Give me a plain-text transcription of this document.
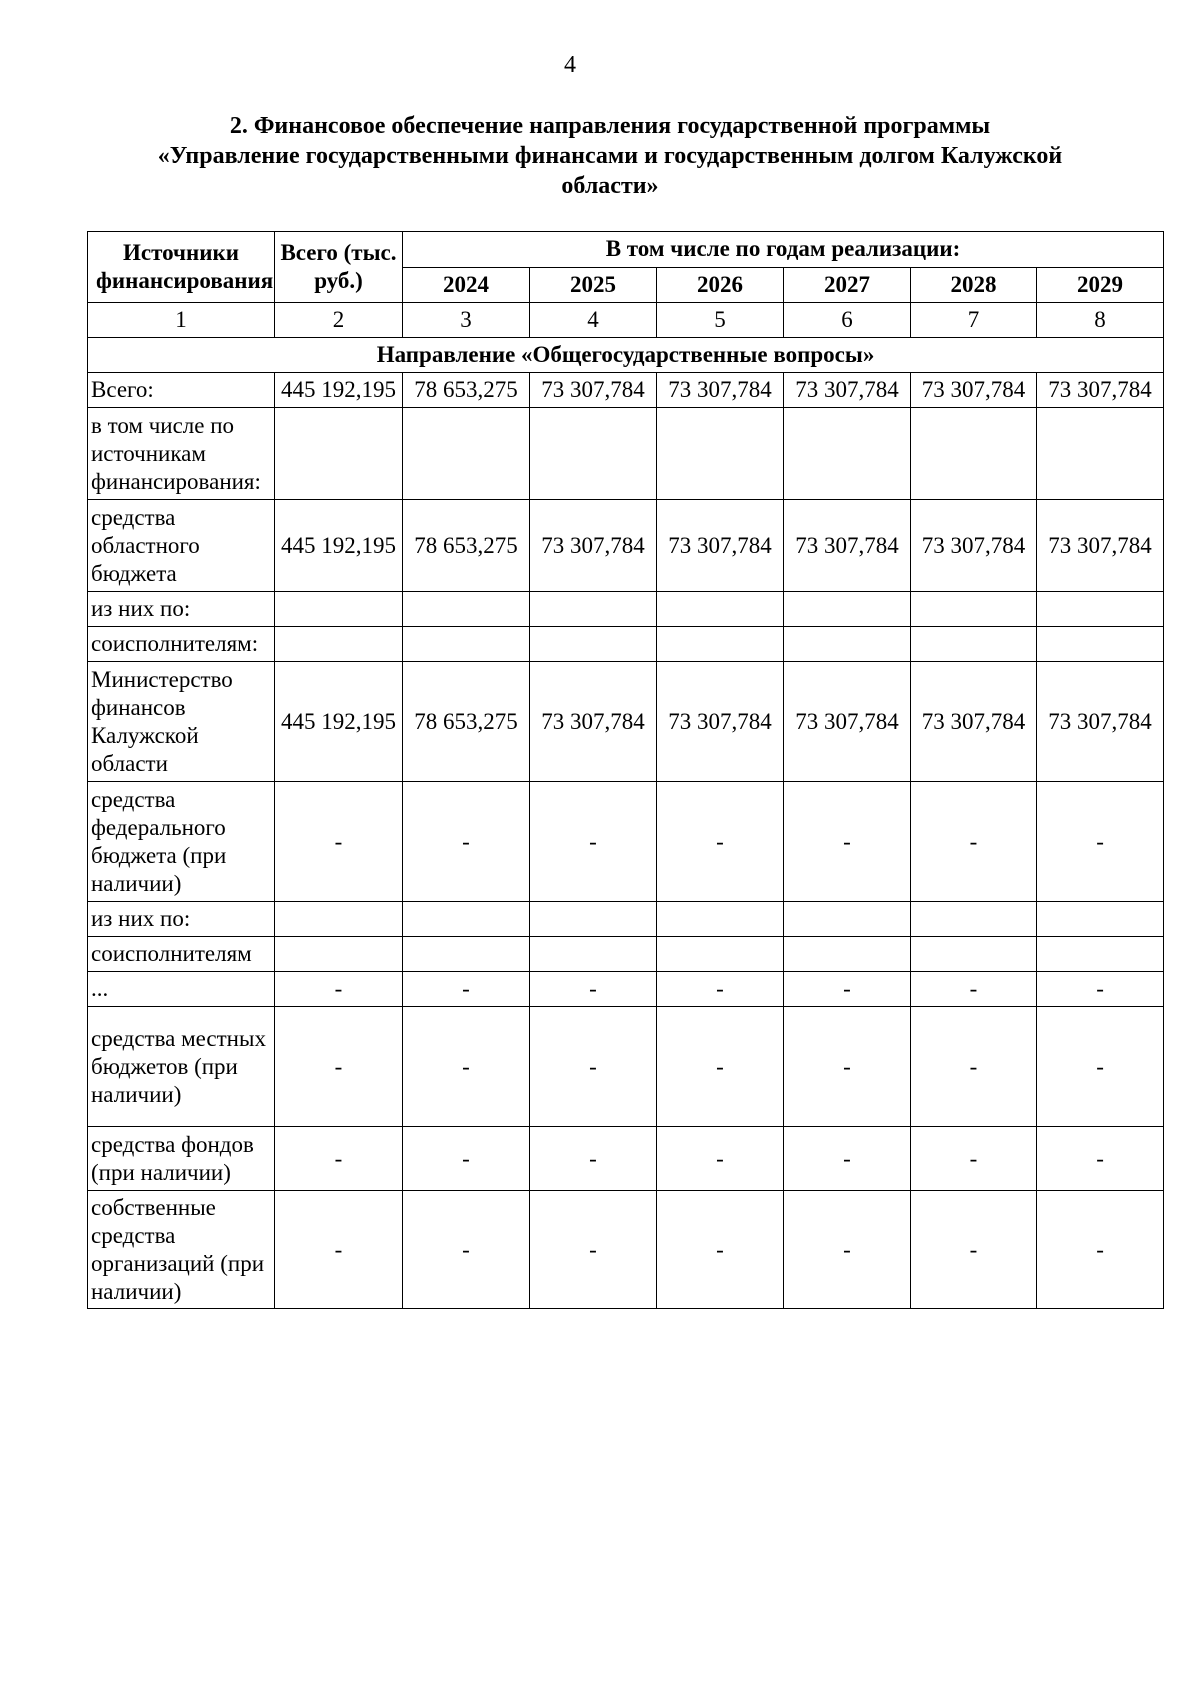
4
2. Финансовое обеспечение направления государственной программы
«Управление государственными финансами и государственным долгом Калужской
области»
Источники финансирования	Всего (тыс. руб.)	В том числе по годам реализации:					
		2024	2025	2026	2027	2028	2029
1	2	3	4	5	6	7	8
Направление «Общегосударственные вопросы»							
Всего:	445 192,195	78 653,275	73 307,784	73 307,784	73 307,784	73 307,784	73 307,784
в том числе по источникам финансирования:							
средства областного бюджета	445 192,195	78 653,275	73 307,784	73 307,784	73 307,784	73 307,784	73 307,784
из них по:							
соисполнителям:							
Министерство финансов Калужской области	445 192,195	78 653,275	73 307,784	73 307,784	73 307,784	73 307,784	73 307,784
средства федерального бюджета (при наличии)	-	-	-	-	-	-	-
из них по:							
соисполнителям							
...	-	-	-	-	-	-	-
средства местных бюджетов (при наличии)	-	-	-	-	-	-	-
средства фондов (при наличии)	-	-	-	-	-	-	-
собственные средства организаций (при наличии)	-	-	-	-	-	-	-
